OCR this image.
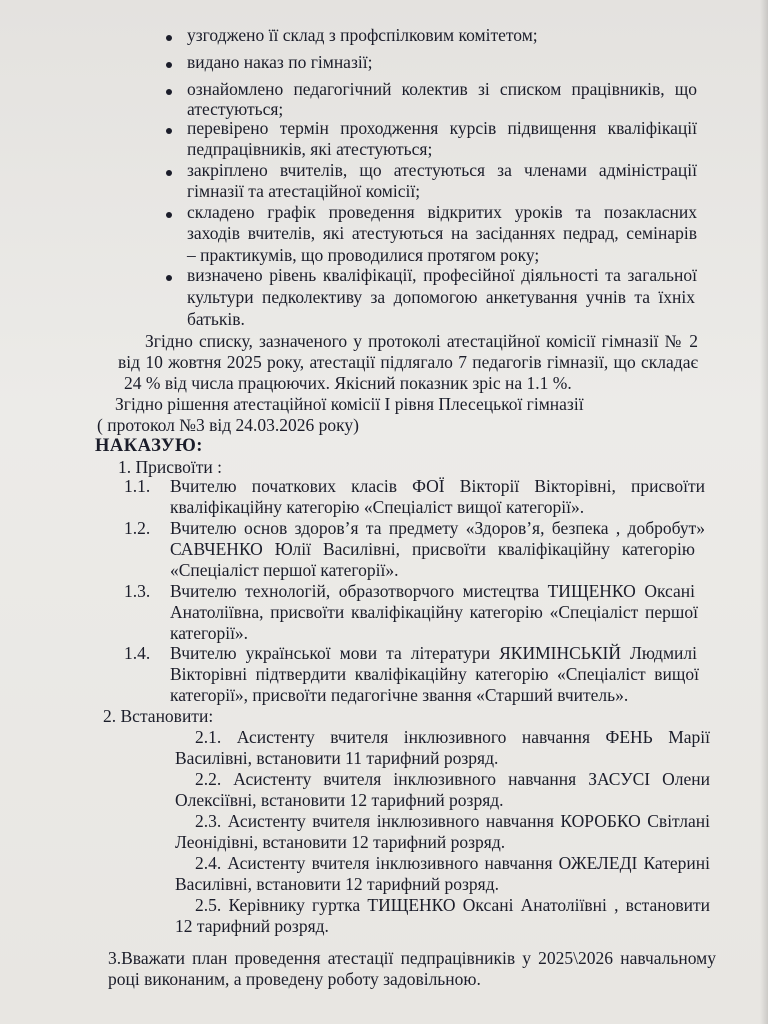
узгоджено її склад з профспілковим комітетом;
видано наказ по гімназії;
ознайомлено педагогічний колектив зі списком працівників, що
атестуються;
перевірено термін проходження курсів підвищення кваліфікації
педпрацівників, які атестуються;
закріплено вчителів, що атестуються за членами адміністрації
гімназії та атестаційної комісії;
складено графік проведення відкритих уроків та позакласних
заходів вчителів, які атестуються на засіданнях педрад, семінарів
– практикумів, що проводилися протягом року;
визначено рівень кваліфікації, професійної діяльності та загальної
культури педколективу за допомогою анкетування учнів та їхніх
батьків.
Згідно списку, зазначеного у протоколі атестаційної комісії гімназії № 2
від 10 жовтня 2025 року, атестації підлягало 7 педагогів гімназії, що складає
24 % від числа працюючих. Якісний показник зріс на 1.1 %.
Згідно рішення атестаційної комісії І рівня Плесецької гімназії
( протокол №3 від 24.03.2026 року)
НАКАЗУЮ:
1. Присвоїти :
1.1. Вчителю початкових класів ФОЇ Вікторії Вікторівні, присвоїти
кваліфікаційну категорію «Спеціаліст вищої категорії».
1.2. Вчителю основ здоров’я та предмету «Здоров’я, безпека , добробут»
САВЧЕНКО Юлії Василівні, присвоїти кваліфікаційну категорію
«Спеціаліст першої категорії».
1.3. Вчителю технологій, образотворчого мистецтва ТИЩЕНКО Оксані
Анатоліївна, присвоїти кваліфікаційну категорію «Спеціаліст першої
категорії».
1.4. Вчителю української мови та літератури ЯКИМІНСЬКІЙ Людмилі
Вікторівні підтвердити кваліфікаційну категорію «Спеціаліст вищої
категорії», присвоїти педагогічне звання «Старший вчитель».
2. Встановити:
2.1. Асистенту вчителя інклюзивного навчання ФЕНЬ Марії
Василівні, встановити 11 тарифний розряд.
2.2. Асистенту вчителя інклюзивного навчання ЗАСУСІ Олени
Олексіївні, встановити 12 тарифний розряд.
2.3. Асистенту вчителя інклюзивного навчання КОРОБКО Світлані
Леонідівні, встановити 12 тарифний розряд.
2.4. Асистенту вчителя інклюзивного навчання ОЖЕЛЕДІ Катерині
Василівні, встановити 12 тарифний розряд.
2.5. Керівнику гуртка ТИЩЕНКО Оксані Анатоліївні , встановити
12 тарифний розряд.
3.Вважати план проведення атестації педпрацівників у 2025\2026 навчальному
році виконаним, а проведену роботу задовільною.
